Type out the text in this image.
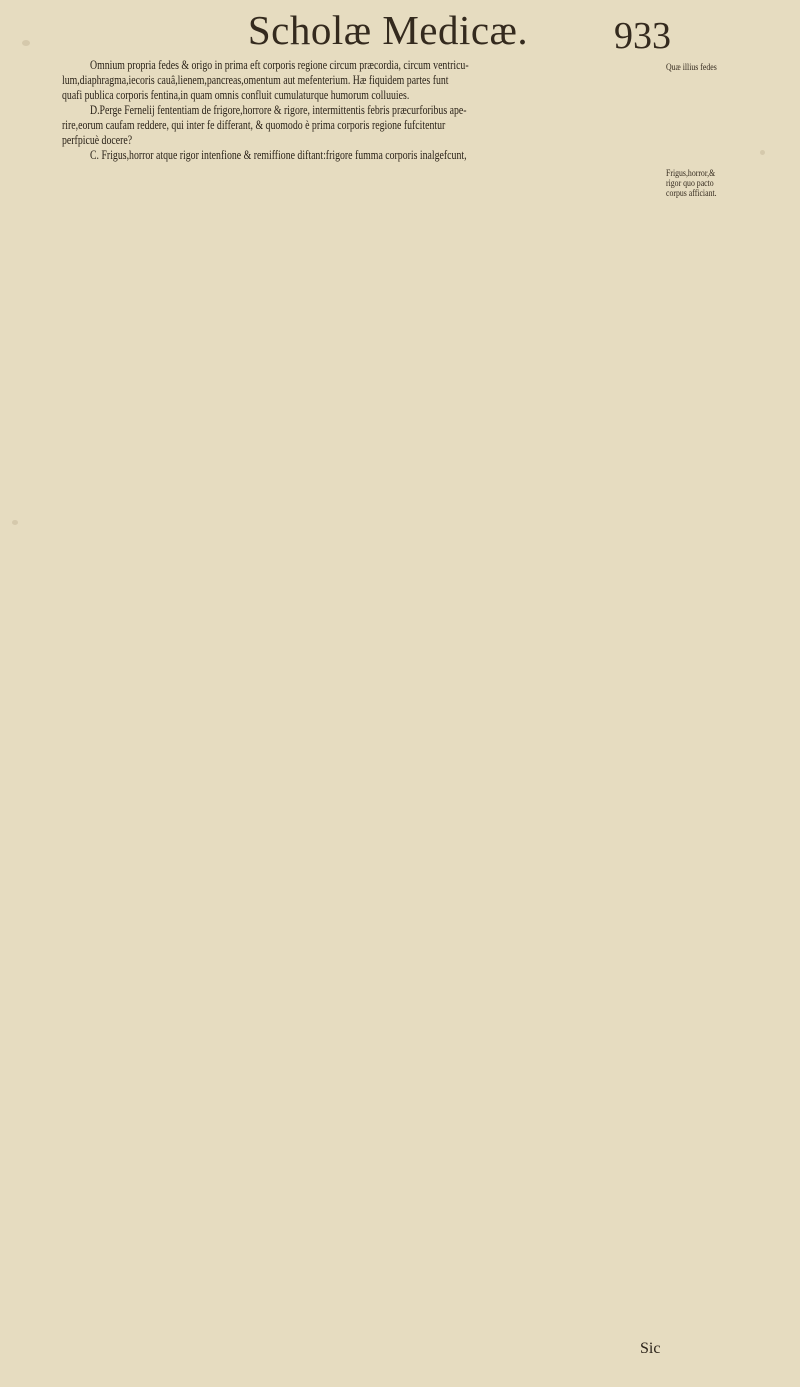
Scholæ Medicæ. 933
Omnium propria fedes & origo in prima eft corporis regione circum præcordia, circum ventricu-
lum,diaphragma,iecoris cauâ,lienem,pancreas,omentum aut mefenterium. Hæ fiquidem partes funt
quafi publica corporis fentina,in quam omnis confluit cumulaturque humorum colluuies.
D.Perge Fernelij fententiam de frigore,horrore & rigore, intermittentis febris præcurforibus ape-
rire,eorum caufam reddere, qui inter fe differant, & quomodo è prima corporis regione fufcitentur
perfpicuè docere?
C. Frigus,horror atque rigor intenfione & remiffione diftant:frigore fumma corporis inalgefcunt,
Quæ illius fedes
Frigus,horror,&
rigor quo pacto
corpus afficiant.
Sic
